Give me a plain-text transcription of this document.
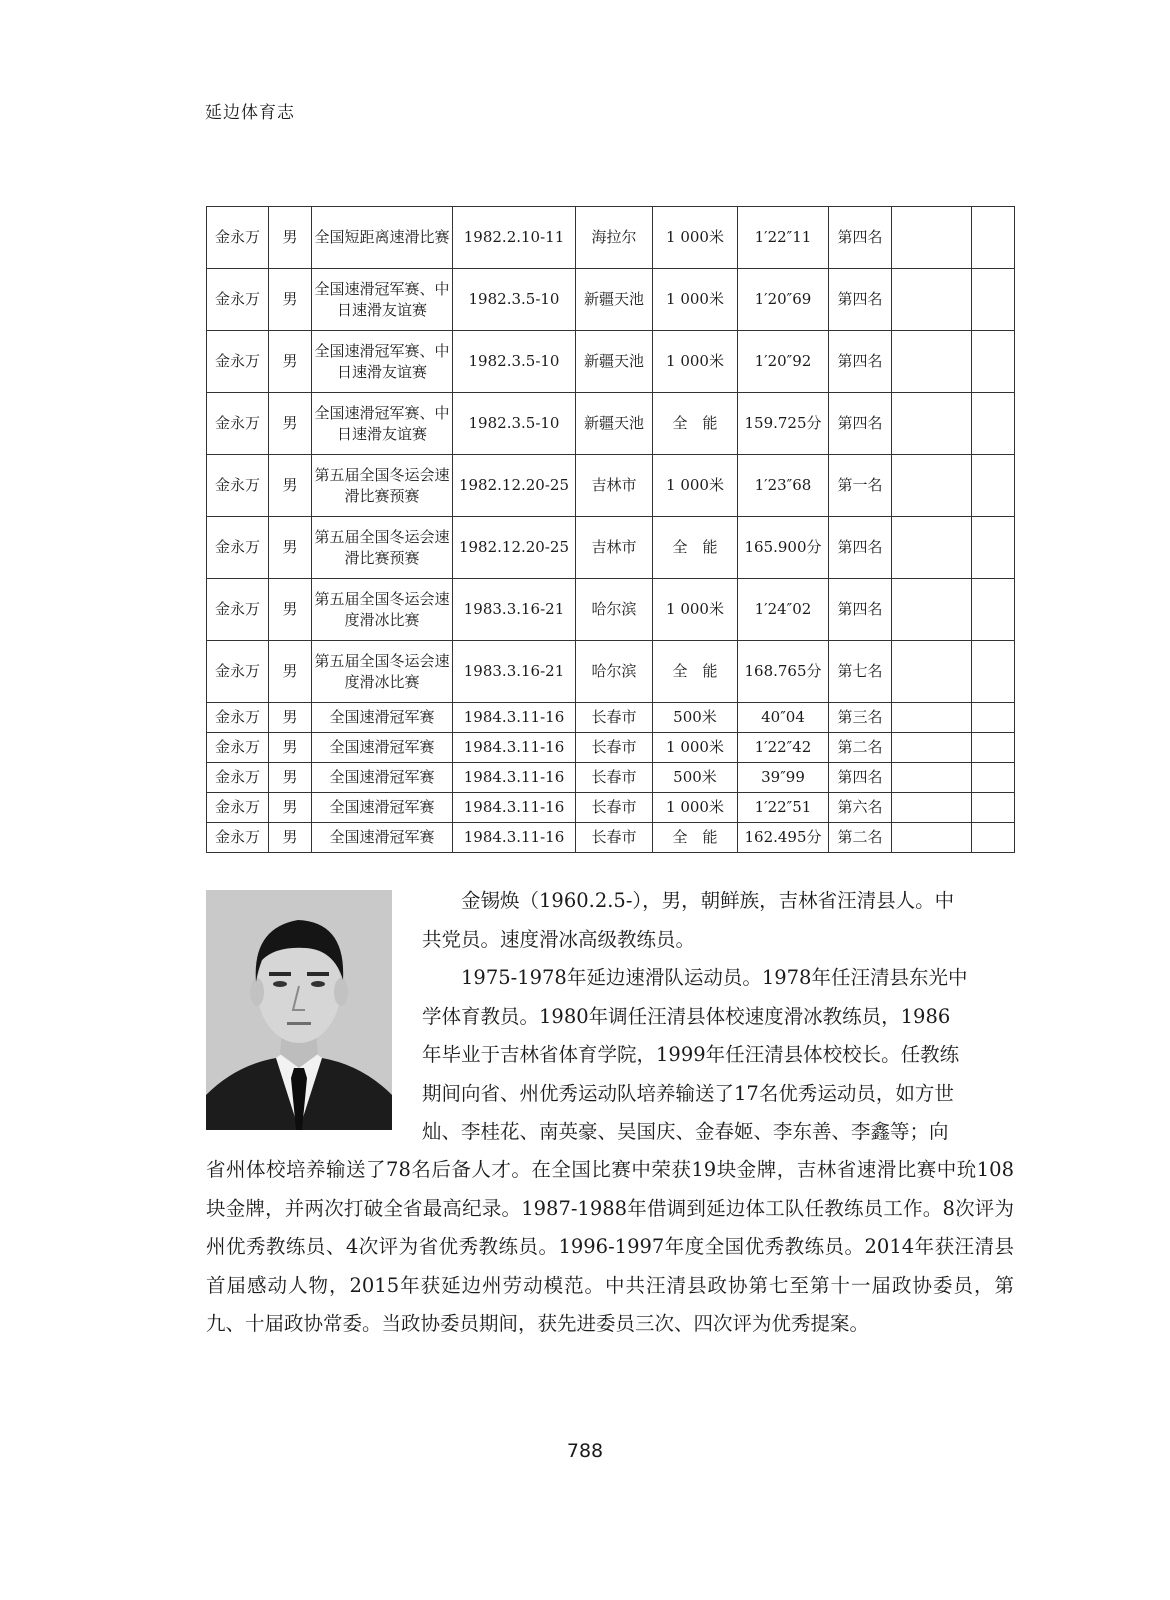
延边体育志
金永万	男	全国短距离速滑比赛	1982.2.10-11	海拉尔	1 000米	1′22″11	第四名		
金永万	男	全国速滑冠军赛、中日速滑友谊赛	1982.3.5-10	新疆天池	1 000米	1′20″69	第四名		
金永万	男	全国速滑冠军赛、中日速滑友谊赛	1982.3.5-10	新疆天池	1 000米	1′20″92	第四名		
金永万	男	全国速滑冠军赛、中日速滑友谊赛	1982.3.5-10	新疆天池	全　能	159.725分	第四名		
金永万	男	第五届全国冬运会速滑比赛预赛	1982.12.20-25	吉林市	1 000米	1′23″68	第一名		
金永万	男	第五届全国冬运会速滑比赛预赛	1982.12.20-25	吉林市	全　能	165.900分	第四名		
金永万	男	第五届全国冬运会速度滑冰比赛	1983.3.16-21	哈尔滨	1 000米	1′24″02	第四名		
金永万	男	第五届全国冬运会速度滑冰比赛	1983.3.16-21	哈尔滨	全　能	168.765分	第七名		
金永万	男	全国速滑冠军赛	1984.3.11-16	长春市	500米	40″04	第三名		
金永万	男	全国速滑冠军赛	1984.3.11-16	长春市	1 000米	1′22″42	第二名		
金永万	男	全国速滑冠军赛	1984.3.11-16	长春市	500米	39″99	第四名		
金永万	男	全国速滑冠军赛	1984.3.11-16	长春市	1 000米	1′22″51	第六名		
金永万	男	全国速滑冠军赛	1984.3.11-16	长春市	全　能	162.495分	第二名		

金锡焕（1960.2.5-），男，朝鲜族，吉林省汪清县人。中

共党员。速度滑冰高级教练员。

1975-1978年延边速滑队运动员。1978年任汪清县东光中

学体育教员。1980年调任汪清县体校速度滑冰教练员，1986

年毕业于吉林省体育学院，1999年任汪清县体校校长。任教练

期间向省、州优秀运动队培养输送了17名优秀运动员，如方世

灿、李桂花、南英豪、吴国庆、金春姬、李东善、李鑫等；向

省州体校培养输送了78名后备人才。在全国比赛中荣获19块金牌，吉林省速滑比赛中玧108块金牌，并两次打破全省最高纪录。1987-1988年借调到延边体工队任教练员工作。8次评为州优秀教练员、4次评为省优秀教练员。1996-1997年度全国优秀教练员。2014年获汪清县首届感动人物，2015年获延边州劳动模范。中共汪清县政协第七至第十一届政协委员，第九、十届政协常委。当政协委员期间，获先进委员三次、四次评为优秀提案。

788
